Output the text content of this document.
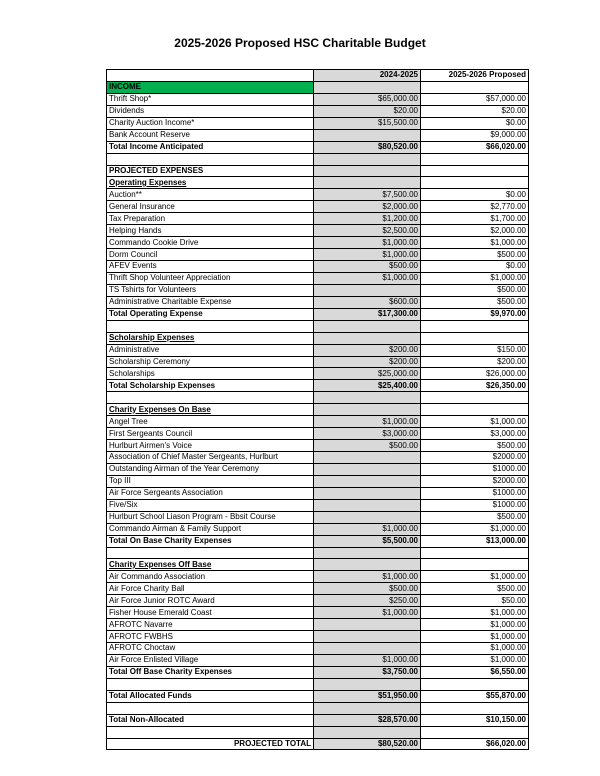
2025-2026 Proposed HSC Charitable Budget
	2024-2025	2025-2026 Proposed
INCOME		
Thrift Shop*	$65,000.00	$57,000.00
Dividends	$20.00	$20.00
Charity Auction Income*	$15,500.00	$0.00
Bank Account Reserve		$9,000.00
Total Income Anticipated	$80,520.00	$66,020.00

PROJECTED EXPENSES		
Operating Expenses		
Auction**	$7,500.00	$0.00
General Insurance	$2,000.00	$2,770.00
Tax Preparation	$1,200.00	$1,700.00
Helping Hands	$2,500.00	$2,000.00
Commando Cookie Drive	$1,000.00	$1,000.00
Dorm Council	$1,000.00	$500.00
AFEV Events	$500.00	$0.00
Thrift Shop Volunteer Appreciation	$1,000.00	$1,000.00
TS Tshirts for Volunteers		$500.00
Administrative Charitable Expense	$600.00	$500.00
Total Operating Expense	$17,300.00	$9,970.00

Scholarship Expenses		
Administrative	$200.00	$150.00
Scholarship Ceremony	$200.00	$200.00
Scholarships	$25,000.00	$26,000.00
Total Scholarship Expenses	$25,400.00	$26,350.00

Charity Expenses On Base		
Angel Tree	$1,000.00	$1,000.00
First Sergeants Council	$3,000.00	$3,000.00
Hurlburt Airmen's Voice	$500.00	$500.00
Association of Chief Master Sergeants, Hurlburt		$2000.00
Outstanding Airman of the Year Ceremony		$1000.00
Top III		$2000.00
Air Force Sergeants Association		$1000.00
Five/Six		$1000.00
Hurlburt School Liason Program - Bbsit Course		$500.00
Commando Airman & Family Support	$1,000.00	$1,000.00
Total On Base Charity Expenses	$5,500.00	$13,000.00

Charity Expenses Off Base		
Air Commando Association	$1,000.00	$1,000.00
Air Force Charity Ball	$500.00	$500.00
Air Force Junior ROTC Award	$250.00	$50.00
Fisher House Emerald Coast	$1,000.00	$1,000.00
AFROTC Navarre		$1,000.00
AFROTC FWBHS		$1,000.00
AFROTC Choctaw		$1,000.00
Air Force Enlisted Village	$1,000.00	$1,000.00
Total Off Base Charity Expenses	$3,750.00	$6,550.00

Total Allocated Funds	$51,950.00	$55,870.00

Total Non-Allocated	$28,570.00	$10,150.00

PROJECTED TOTAL	$80,520.00	$66,020.00
